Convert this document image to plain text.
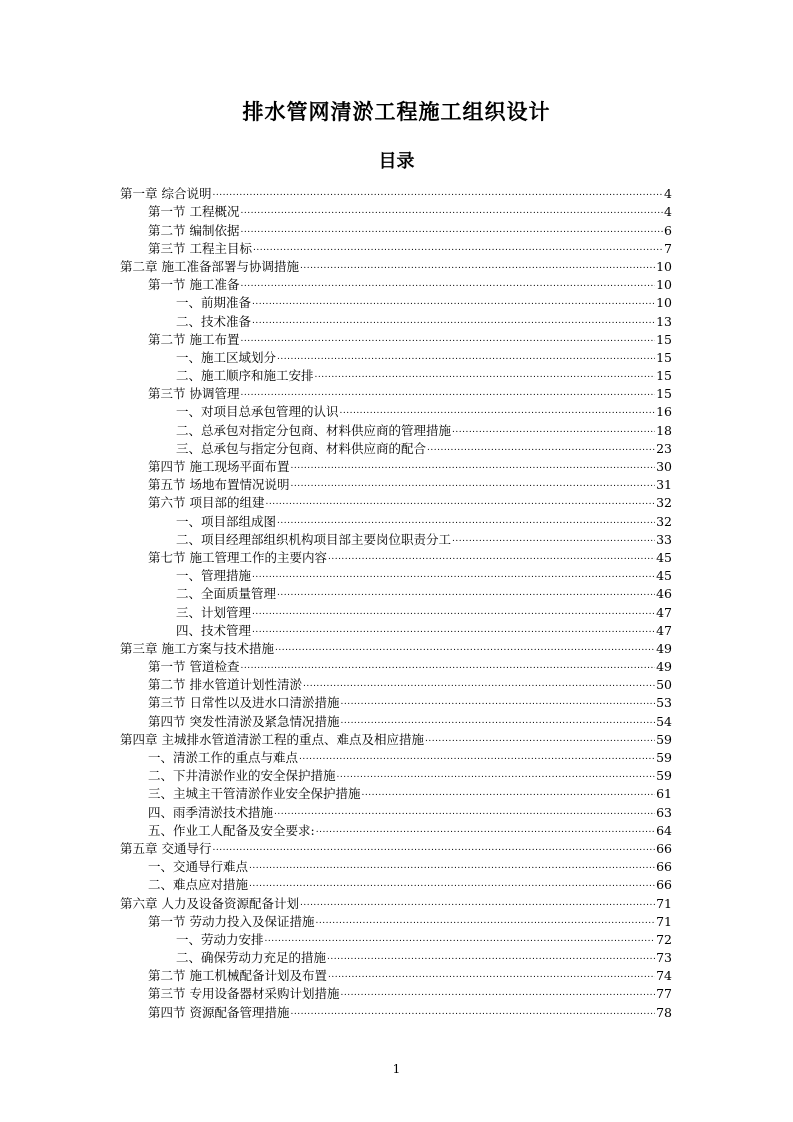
排水管网清淤工程施工组织设计
目录
第一章 综合说明 .....	4
第一节 工程概况 .....	4
第二节 编制依据 .....	6
第三节 工程主目标 .....	7
第二章 施工准备部署与协调措施 .....	10
第一节 施工准备 .....	10
一、前期准备 .....	10
二、技术准备 .....	13
第二节 施工布置 .....	15
一、施工区域划分 .....	15
二、施工顺序和施工安排 .....	15
第三节 协调管理 .....	15
一、对项目总承包管理的认识 .....	16
二、总承包对指定分包商、材料供应商的管理措施 .....	18
三、总承包与指定分包商、材料供应商的配合 .....	23
第四节 施工现场平面布置 .....	30
第五节 场地布置情况说明 .....	31
第六节 项目部的组建 .....	32
一、项目部组成图 .....	32
二、项目经理部组织机构项目部主要岗位职责分工 .....	33
第七节 施工管理工作的主要内容 .....	45
一、管理措施 .....	45
二、全面质量管理 .....	46
三、计划管理 .....	47
四、技术管理 .....	47
第三章 施工方案与技术措施 .....	49
第一节 管道检查 .....	49
第二节 排水管道计划性清淤 .....	50
第三节 日常性以及进水口清淤措施 .....	53
第四节 突发性清淤及紧急情况措施 .....	54
第四章 主城排水管道清淤工程的重点、难点及相应措施 .....	59
一、清淤工作的重点与难点 .....	59
二、下井清淤作业的安全保护措施 .....	59
三、主城主干管清淤作业安全保护措施 .....	61
四、雨季清淤技术措施 .....	63
五、作业工人配备及安全要求: .....	64
第五章 交通导行 .....	66
一、交通导行难点 .....	66
二、难点应对措施 .....	66
第六章 人力及设备资源配备计划 .....	71
第一节 劳动力投入及保证措施 .....	71
一、劳动力安排 .....	72
二、确保劳动力充足的措施 .....	73
第二节 施工机械配备计划及布置 .....	74
第三节 专用设备器材采购计划措施 .....	77
第四节 资源配备管理措施 .....	78
1
